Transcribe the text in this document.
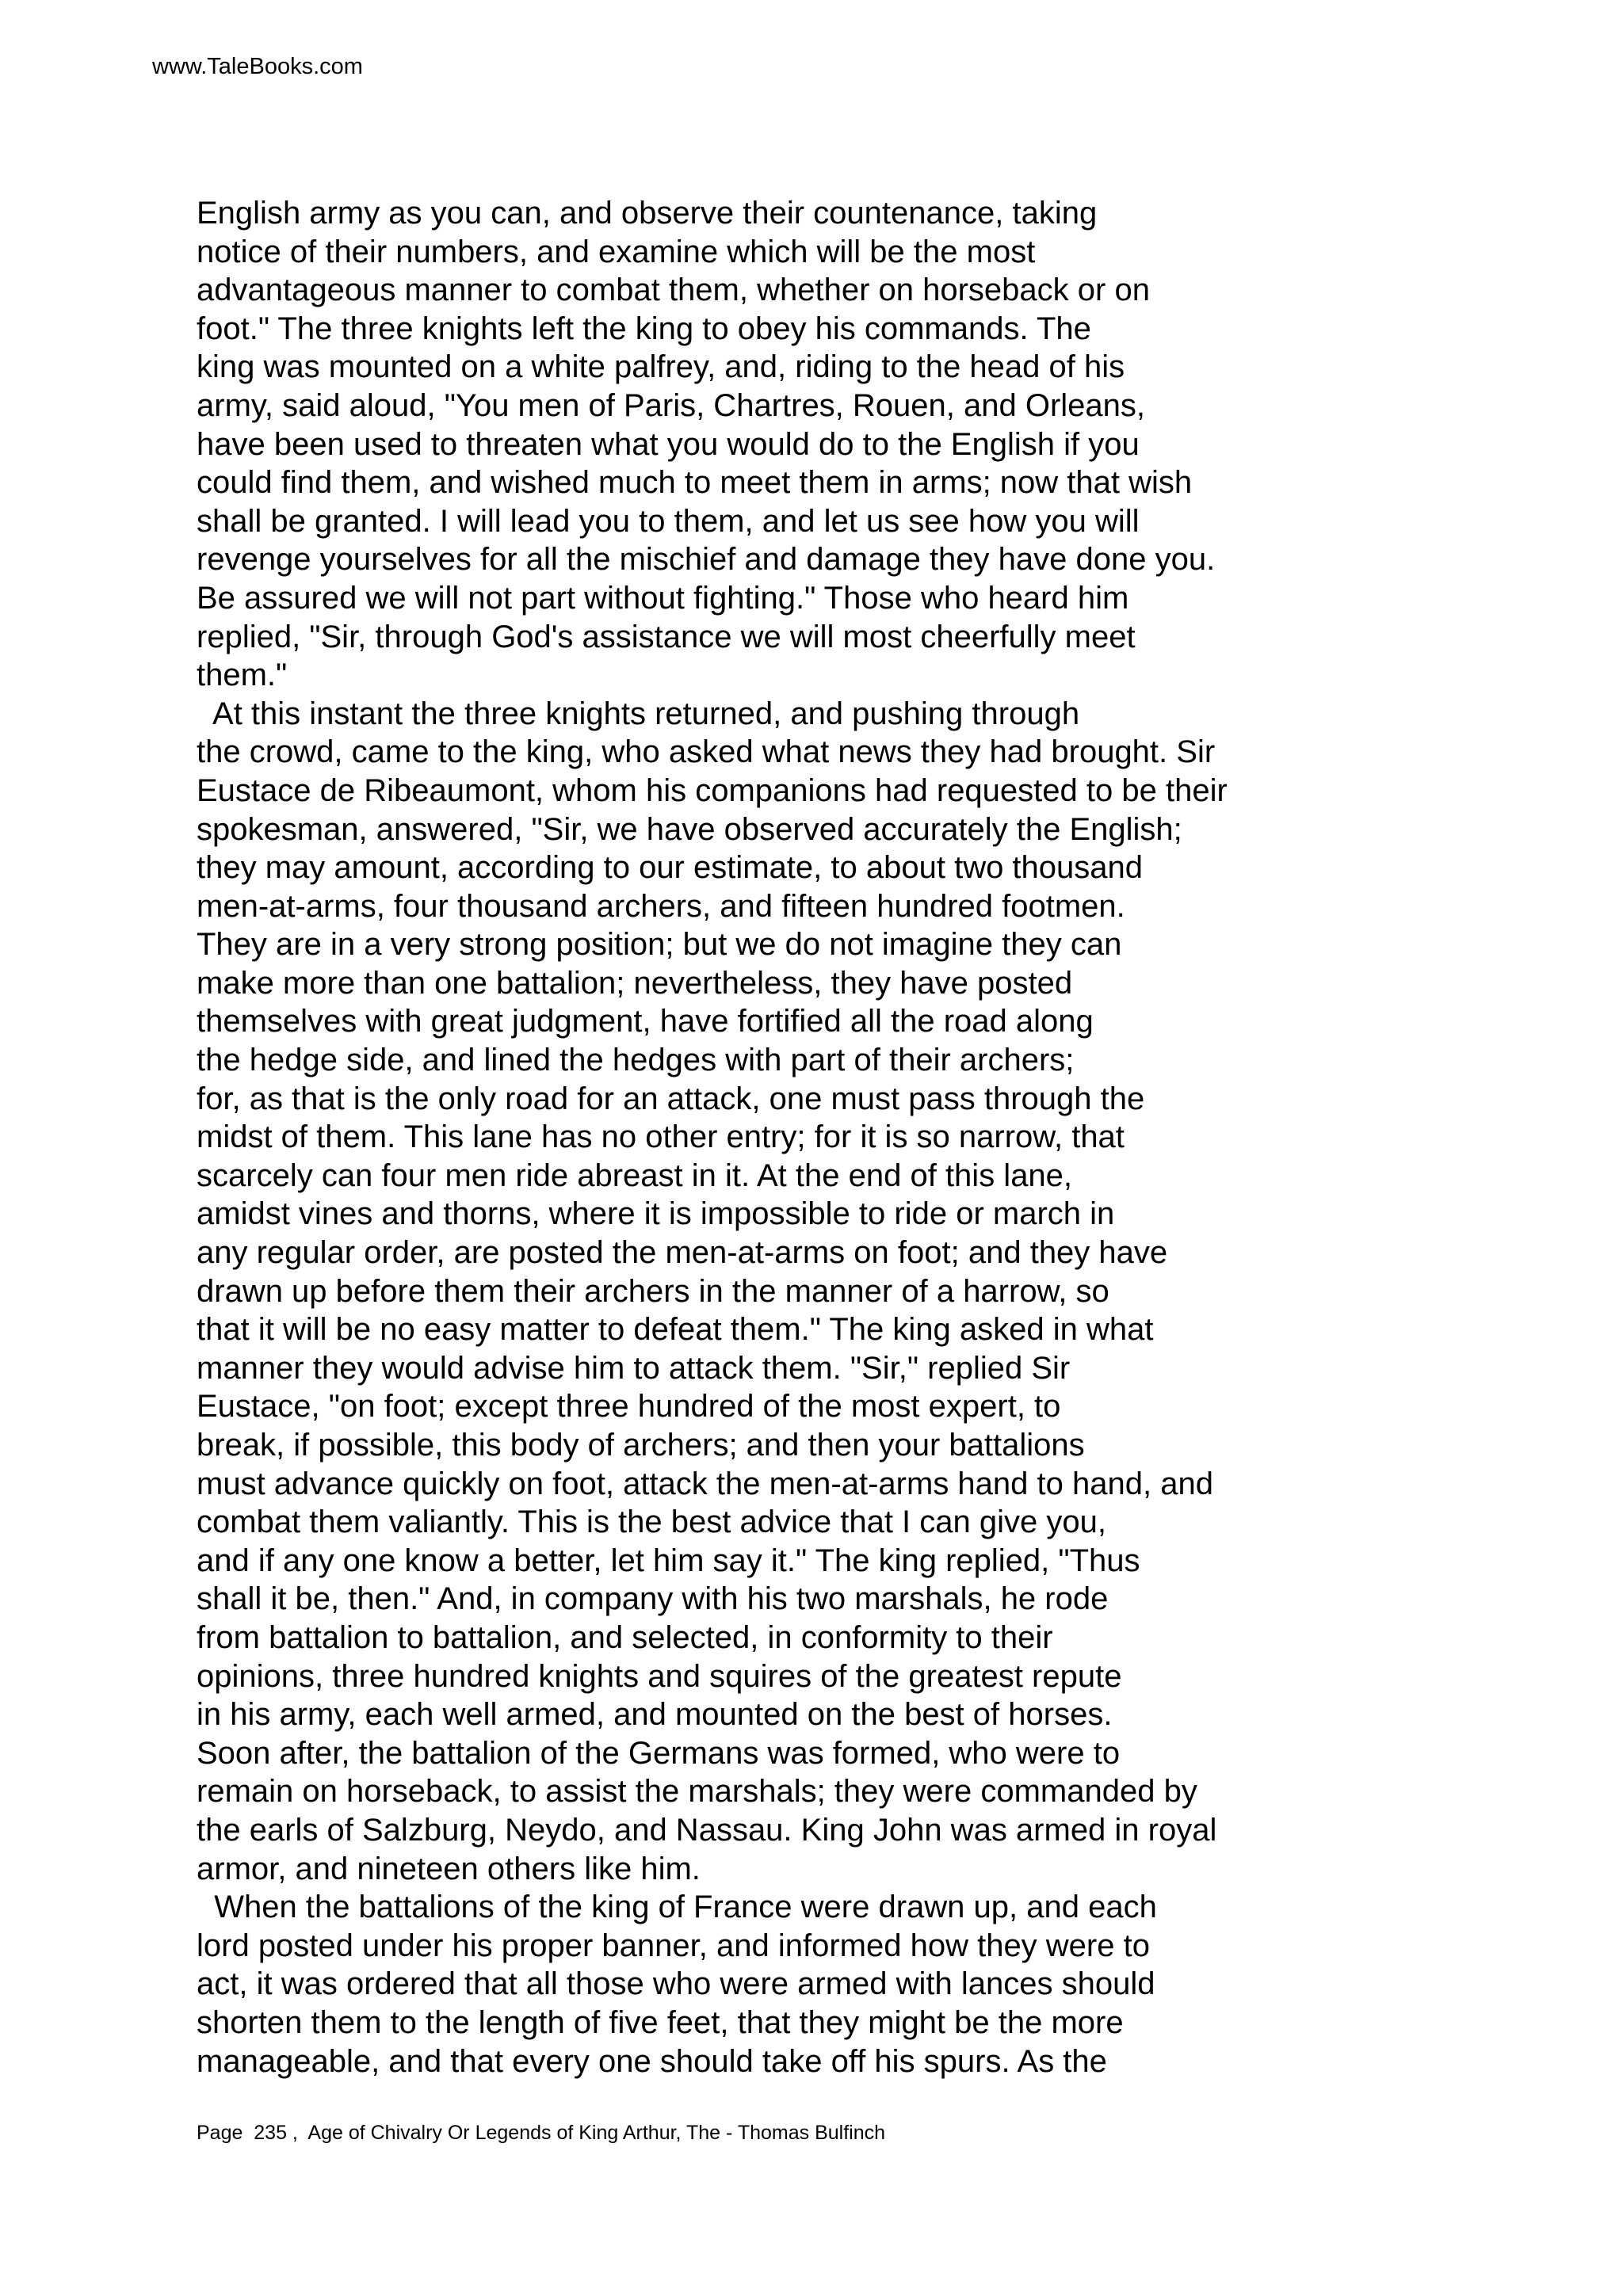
www.TaleBooks.com
English army as you can, and observe their countenance, taking
notice of their numbers, and examine which will be the most
advantageous manner to combat them, whether on horseback or on
foot." The three knights left the king to obey his commands. The
king was mounted on a white palfrey, and, riding to the head of his
army, said aloud, "You men of Paris, Chartres, Rouen, and Orleans,
have been used to threaten what you would do to the English if you
could find them, and wished much to meet them in arms; now that wish
shall be granted. I will lead you to them, and let us see how you will
revenge yourselves for all the mischief and damage they have done you.
Be assured we will not part without fighting." Those who heard him
replied, "Sir, through God's assistance we will most cheerfully meet
them."
At this instant the three knights returned, and pushing through
the crowd, came to the king, who asked what news they had brought. Sir
Eustace de Ribeaumont, whom his companions had requested to be their
spokesman, answered, "Sir, we have observed accurately the English;
they may amount, according to our estimate, to about two thousand
men-at-arms, four thousand archers, and fifteen hundred footmen.
They are in a very strong position; but we do not imagine they can
make more than one battalion; nevertheless, they have posted
themselves with great judgment, have fortified all the road along
the hedge side, and lined the hedges with part of their archers;
for, as that is the only road for an attack, one must pass through the
midst of them. This lane has no other entry; for it is so narrow, that
scarcely can four men ride abreast in it. At the end of this lane,
amidst vines and thorns, where it is impossible to ride or march in
any regular order, are posted the men-at-arms on foot; and they have
drawn up before them their archers in the manner of a harrow, so
that it will be no easy matter to defeat them." The king asked in what
manner they would advise him to attack them. "Sir," replied Sir
Eustace, "on foot; except three hundred of the most expert, to
break, if possible, this body of archers; and then your battalions
must advance quickly on foot, attack the men-at-arms hand to hand, and
combat them valiantly. This is the best advice that I can give you,
and if any one know a better, let him say it." The king replied, "Thus
shall it be, then." And, in company with his two marshals, he rode
from battalion to battalion, and selected, in conformity to their
opinions, three hundred knights and squires of the greatest repute
in his army, each well armed, and mounted on the best of horses.
Soon after, the battalion of the Germans was formed, who were to
remain on horseback, to assist the marshals; they were commanded by
the earls of Salzburg, Neydo, and Nassau. King John was armed in royal
armor, and nineteen others like him.
When the battalions of the king of France were drawn up, and each
lord posted under his proper banner, and informed how they were to
act, it was ordered that all those who were armed with lances should
shorten them to the length of five feet, that they might be the more
manageable, and that every one should take off his spurs. As the
Page  235 ,  Age of Chivalry Or Legends of King Arthur, The - Thomas Bulfinch
